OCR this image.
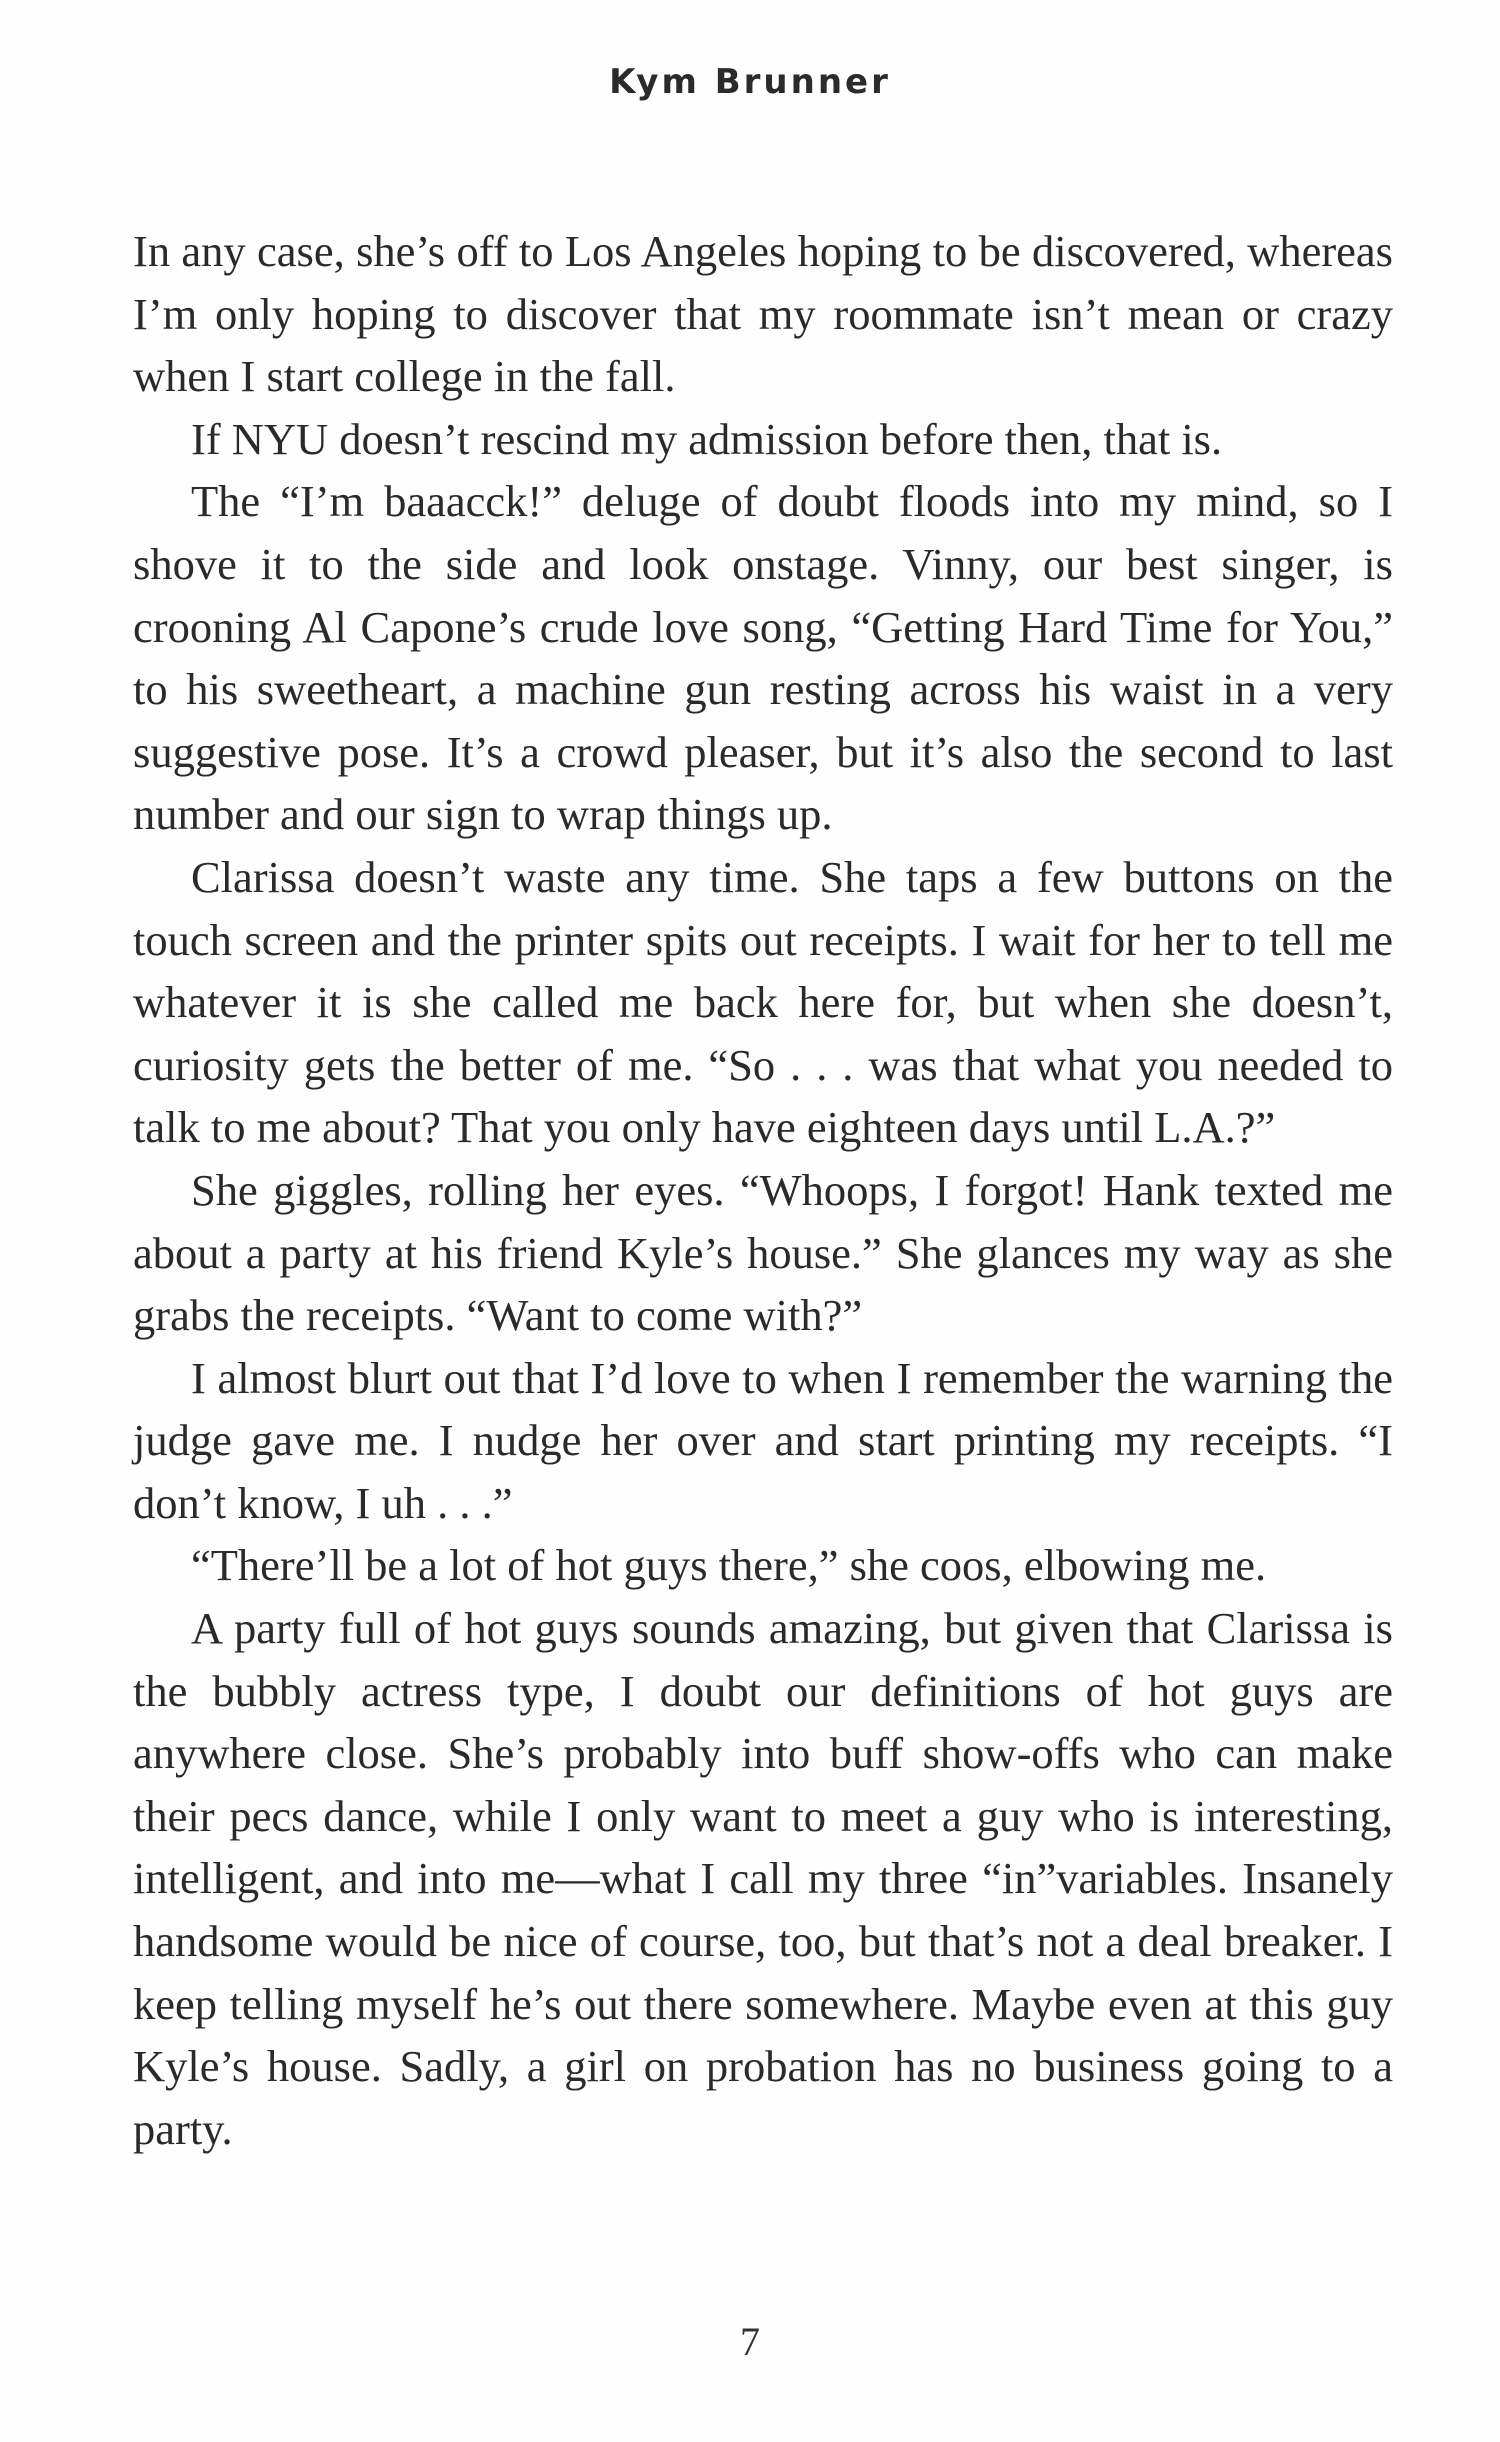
Kym Brunner

In any case, she’s off to Los Angeles hoping to be discovered, whereas I’m only hoping to discover that my roommate isn’t mean or crazy when I start college in the fall.

If NYU doesn’t rescind my admission before then, that is.

The “I’m baaacck!” deluge of doubt floods into my mind, so I shove it to the side and look onstage. Vinny, our best singer, is crooning Al Capone’s crude love song, “Getting Hard Time for You,” to his sweetheart, a machine gun resting across his waist in a very suggestive pose. It’s a crowd pleaser, but it’s also the second to last number and our sign to wrap things up.

Clarissa doesn’t waste any time. She taps a few buttons on the touch screen and the printer spits out receipts. I wait for her to tell me whatever it is she called me back here for, but when she doesn’t, curiosity gets the better of me. “So . . . was that what you needed to talk to me about? That you only have eighteen days until L.A.?”

She giggles, rolling her eyes. “Whoops, I forgot! Hank texted me about a party at his friend Kyle’s house.” She glances my way as she grabs the receipts. “Want to come with?”

I almost blurt out that I’d love to when I remember the warning the judge gave me. I nudge her over and start printing my receipts. “I don’t know, I uh . . .”

“There’ll be a lot of hot guys there,” she coos, elbowing me.

A party full of hot guys sounds amazing, but given that Clarissa is the bubbly actress type, I doubt our definitions of hot guys are anywhere close. She’s probably into buff show-offs who can make their pecs dance, while I only want to meet a guy who is interesting, intelligent, and into me—what I call my three “in”variables. Insanely handsome would be nice of course, too, but that’s not a deal breaker. I keep telling myself he’s out there somewhere. Maybe even at this guy Kyle’s house. Sadly, a girl on probation has no business going to a party.

7
